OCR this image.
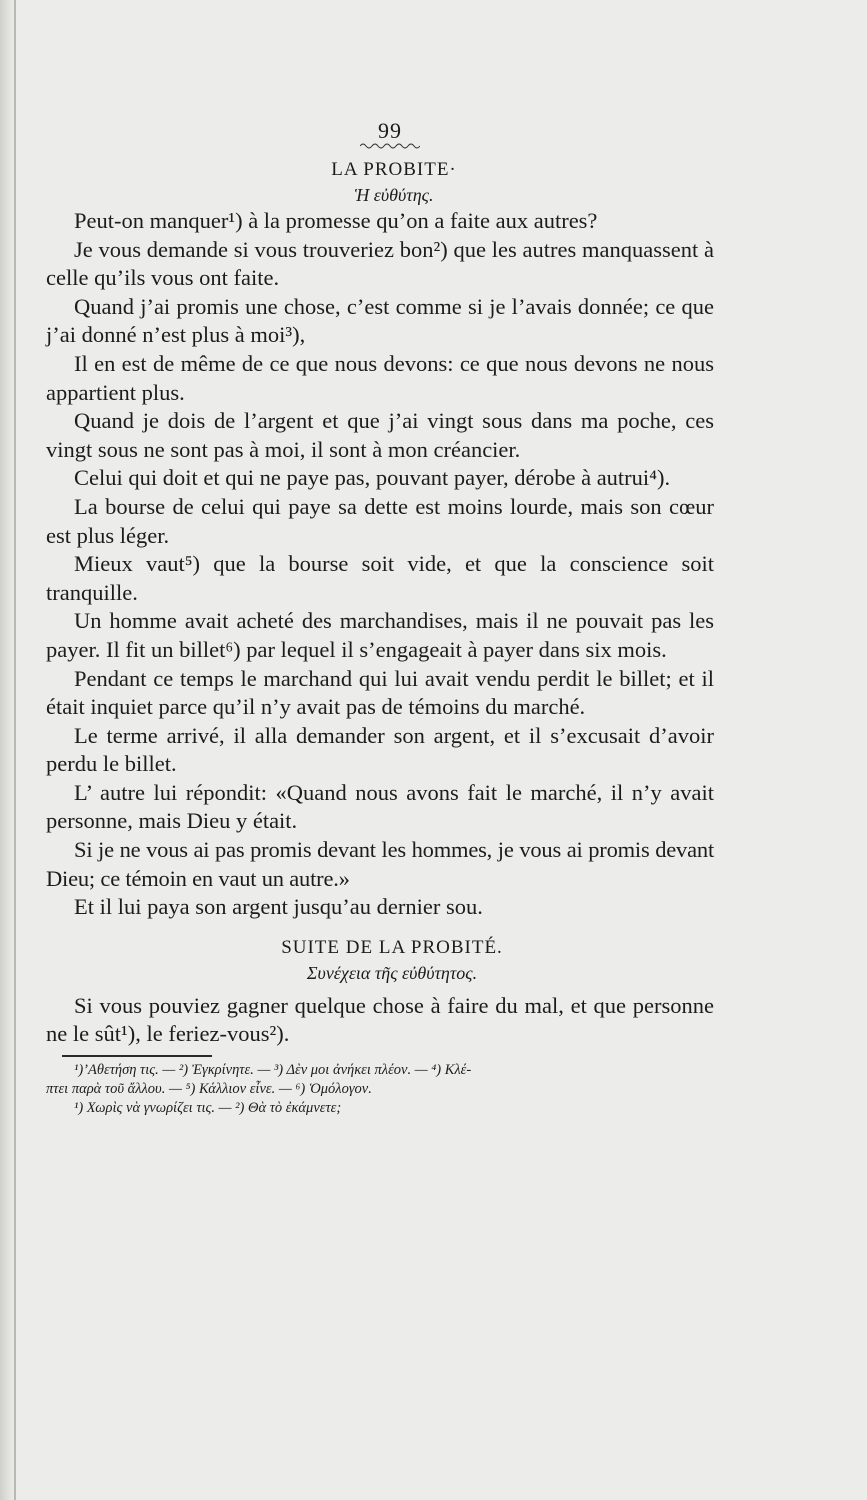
99
LA PROBITE·
Ἡ εὐθύτης.

Peut-on manquer¹) à la promesse qu’on a faite aux autres?

Je vous demande si vous trouveriez bon²) que les autres manquassent à celle qu’ils vous ont faite.

Quand j’ai promis une chose, c’est comme si je l’avais donnée; ce que j’ai donné n’est plus à moi³),

Il en est de même de ce que nous devons: ce que nous devons ne nous appartient plus.

Quand je dois de l’argent et que j’ai vingt sous dans ma poche, ces vingt sous ne sont pas à moi, il sont à mon créancier.

Celui qui doit et qui ne paye pas, pouvant payer, dérobe à autrui⁴).

La bourse de celui qui paye sa dette est moins lourde, mais son cœur est plus léger.

Mieux vaut⁵) que la bourse soit vide, et que la conscience soit tranquille.

Un homme avait acheté des marchandises, mais il ne pouvait pas les payer. Il fit un billet⁶) par lequel il s’engageait à payer dans six mois.

Pendant ce temps le marchand qui lui avait vendu perdit le billet; et il était inquiet parce qu’il n’y avait pas de témoins du marché.

Le terme arrivé, il alla demander son argent, et il s’excusait d’avoir perdu le billet.

L’ autre lui répondit: «Quand nous avons fait le marché, il n’y avait personne, mais Dieu y était.

Si je ne vous ai pas promis devant les hommes, je vous ai promis devant Dieu; ce témoin en vaut un autre.»

Et il lui paya son argent jusqu’au dernier sou.

SUITE DE LA PROBITÉ.
Συνέχεια τῆς εὐθύτητος.

Si vous pouviez gagner quelque chose à faire du mal, et que personne ne le sût¹), le feriez-vous²).

¹)’Αθετήση τις. — ²) Ἐγκρίνητε. — ³) Δὲν μοι ἀνήκει πλέον. — ⁴) Κλέ-

πτει παρὰ τοῦ ἄλλου. — ⁵) Κάλλιον εἶνε. — ⁶) Ὁμόλογον.

¹) Χωρὶς νὰ γνωρίζει τις. — ²) Θὰ τὸ ἐκάμνετε;
